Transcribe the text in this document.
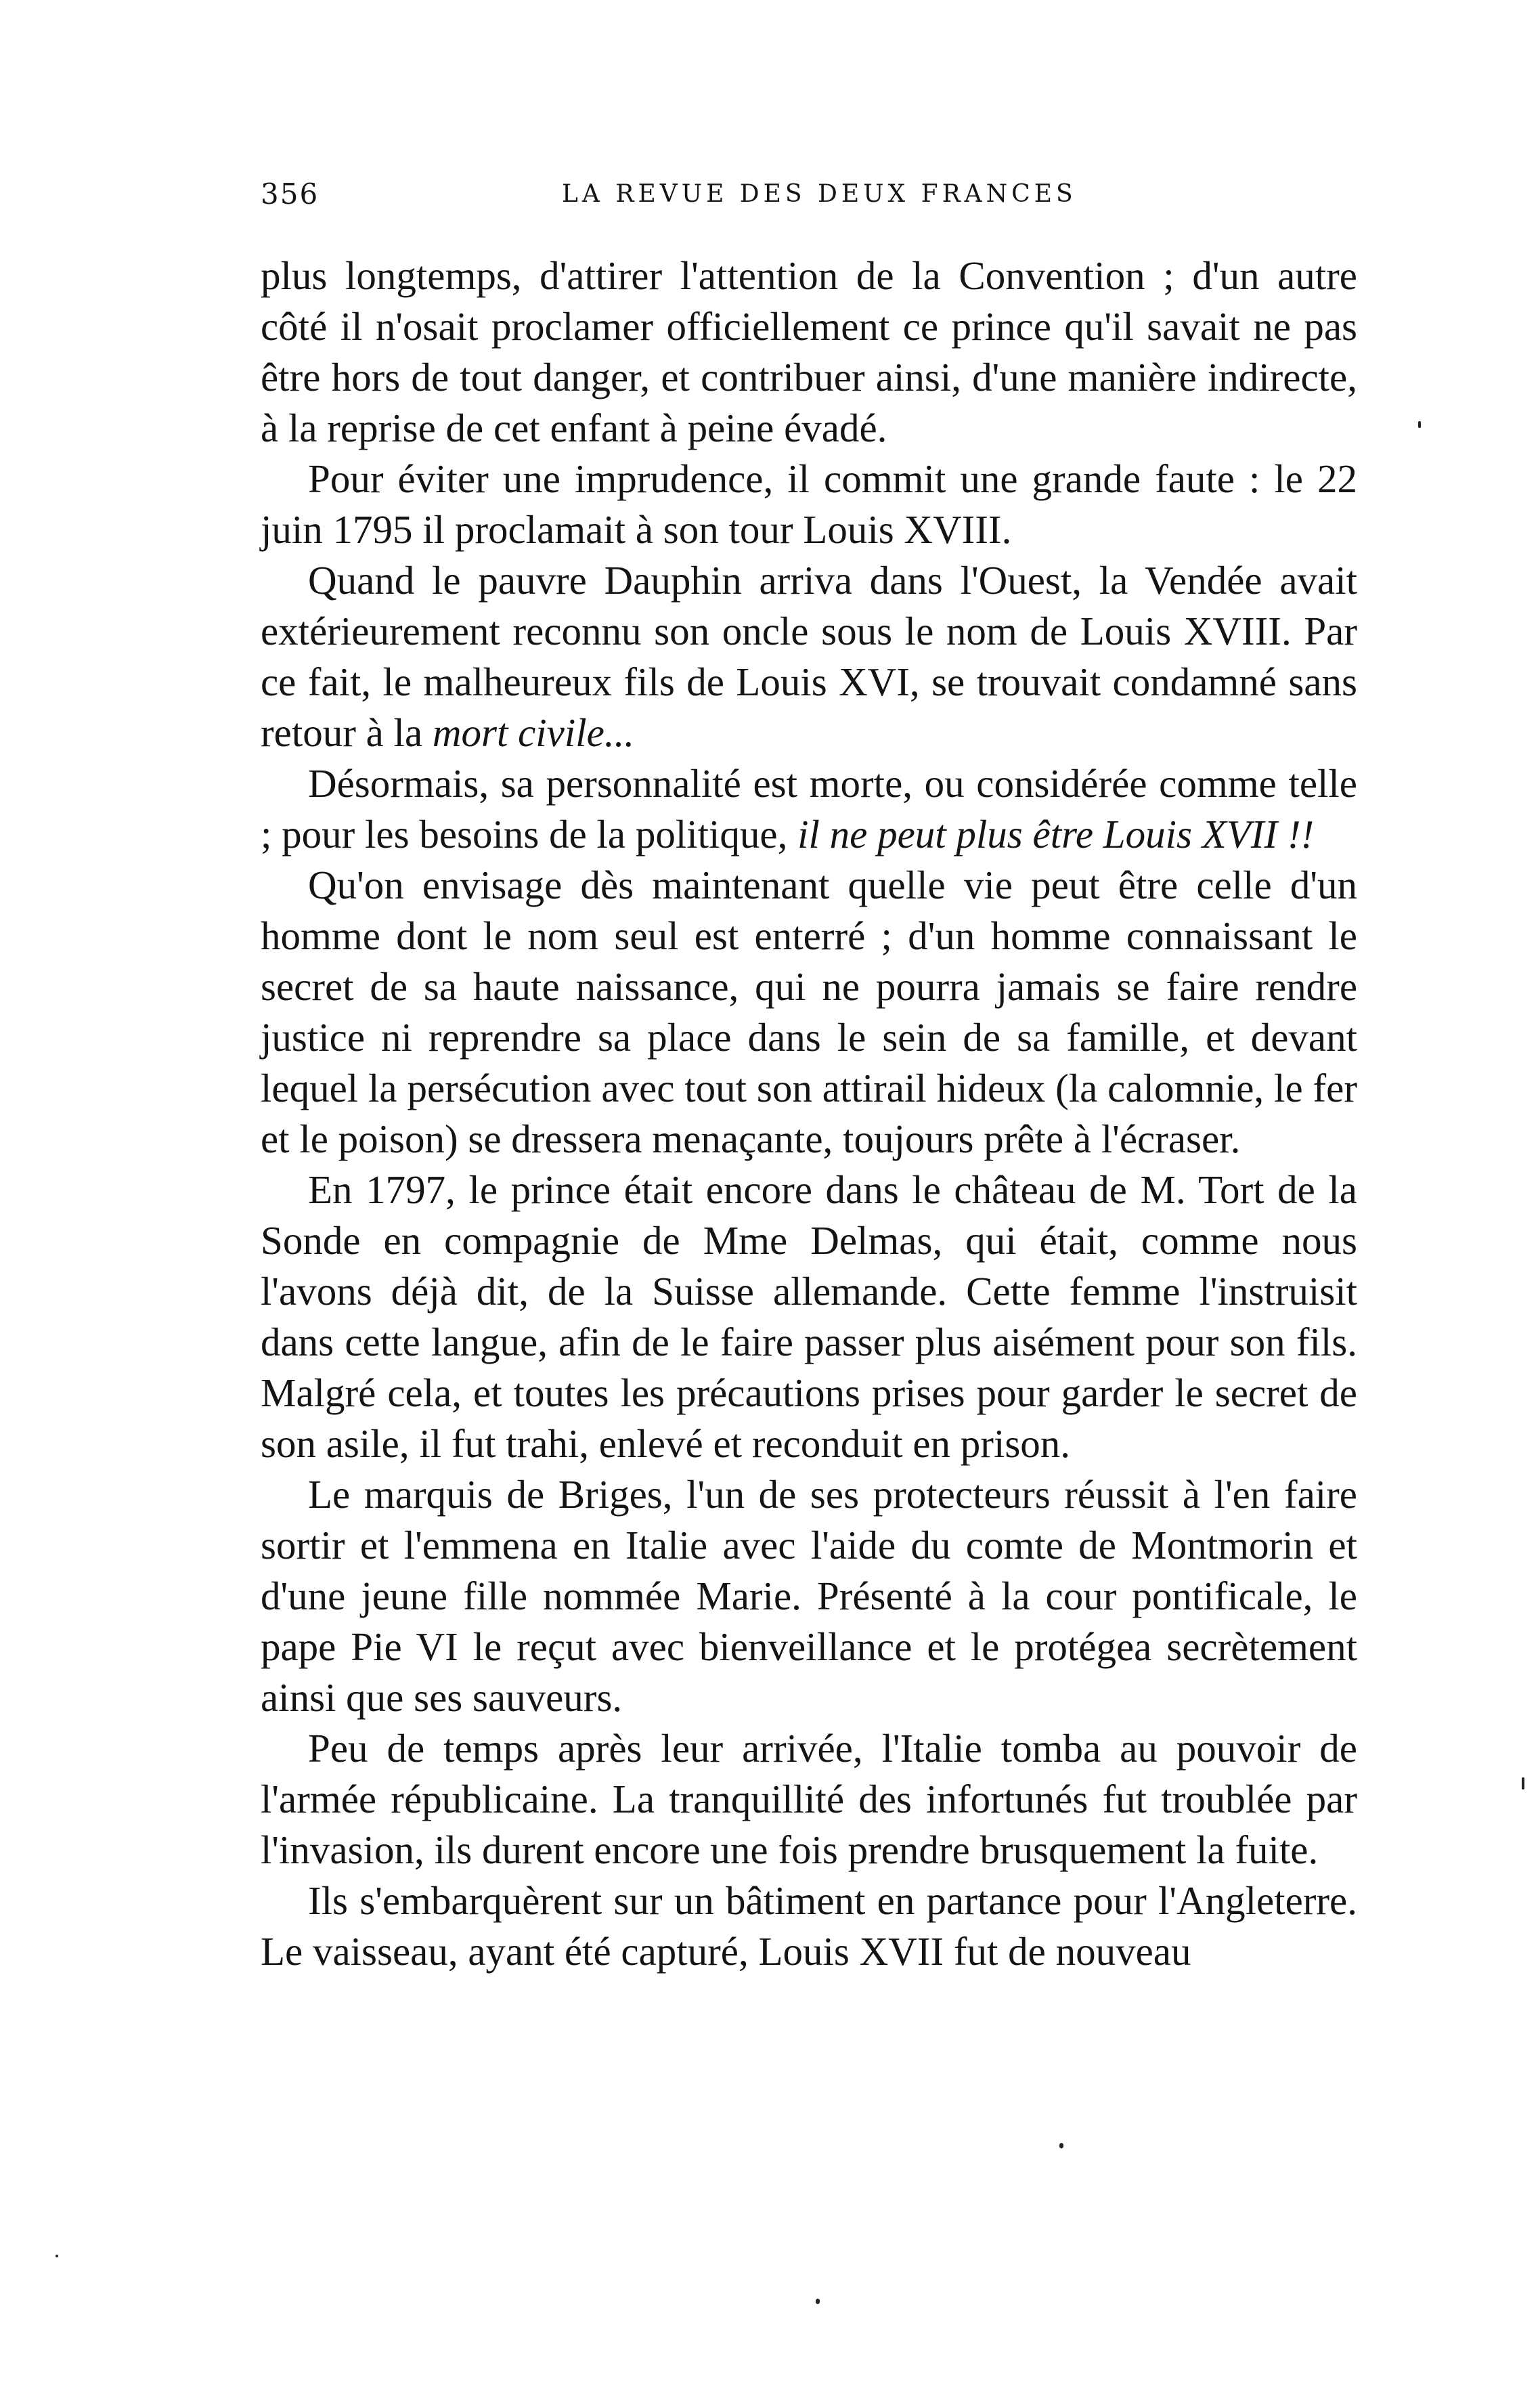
356	LA REVUE DES DEUX FRANCES

plus longtemps, d'attirer l'attention de la Convention ; d'un autre côté il n'osait proclamer officiellement ce prince qu'il savait ne pas être hors de tout danger, et contribuer ainsi, d'une manière indirecte, à la reprise de cet enfant à peine évadé.

Pour éviter une imprudence, il commit une grande faute : le 22 juin 1795 il proclamait à son tour Louis XVIII.

Quand le pauvre Dauphin arriva dans l'Ouest, la Vendée avait extérieurement reconnu son oncle sous le nom de Louis XVIII. Par ce fait, le malheureux fils de Louis XVI, se trouvait condamné sans retour à la mort civile...

Désormais, sa personnalité est morte, ou considérée comme telle ; pour les besoins de la politique, il ne peut plus être Louis XVII !!

Qu'on envisage dès maintenant quelle vie peut être celle d'un homme dont le nom seul est enterré ; d'un homme connaissant le secret de sa haute naissance, qui ne pourra jamais se faire rendre justice ni reprendre sa place dans le sein de sa famille, et devant lequel la persécution avec tout son attirail hideux (la calomnie, le fer et le poison) se dressera menaçante, toujours prête à l'écraser.

En 1797, le prince était encore dans le château de M. Tort de la Sonde en compagnie de Mme Delmas, qui était, comme nous l'avons déjà dit, de la Suisse allemande. Cette femme l'instruisit dans cette langue, afin de le faire passer plus aisément pour son fils. Malgré cela, et toutes les précautions prises pour garder le secret de son asile, il fut trahi, enlevé et reconduit en prison.

Le marquis de Briges, l'un de ses protecteurs réussit à l'en faire sortir et l'emmena en Italie avec l'aide du comte de Montmorin et d'une jeune fille nommée Marie. Présenté à la cour pontificale, le pape Pie VI le reçut avec bienveillance et le protégea secrètement ainsi que ses sauveurs.

Peu de temps après leur arrivée, l'Italie tomba au pouvoir de l'armée républicaine. La tranquillité des infortunés fut troublée par l'invasion, ils durent encore une fois prendre brusquement la fuite.

Ils s'embarquèrent sur un bâtiment en partance pour l'Angleterre. Le vaisseau, ayant été capturé, Louis XVII fut de nouveau
